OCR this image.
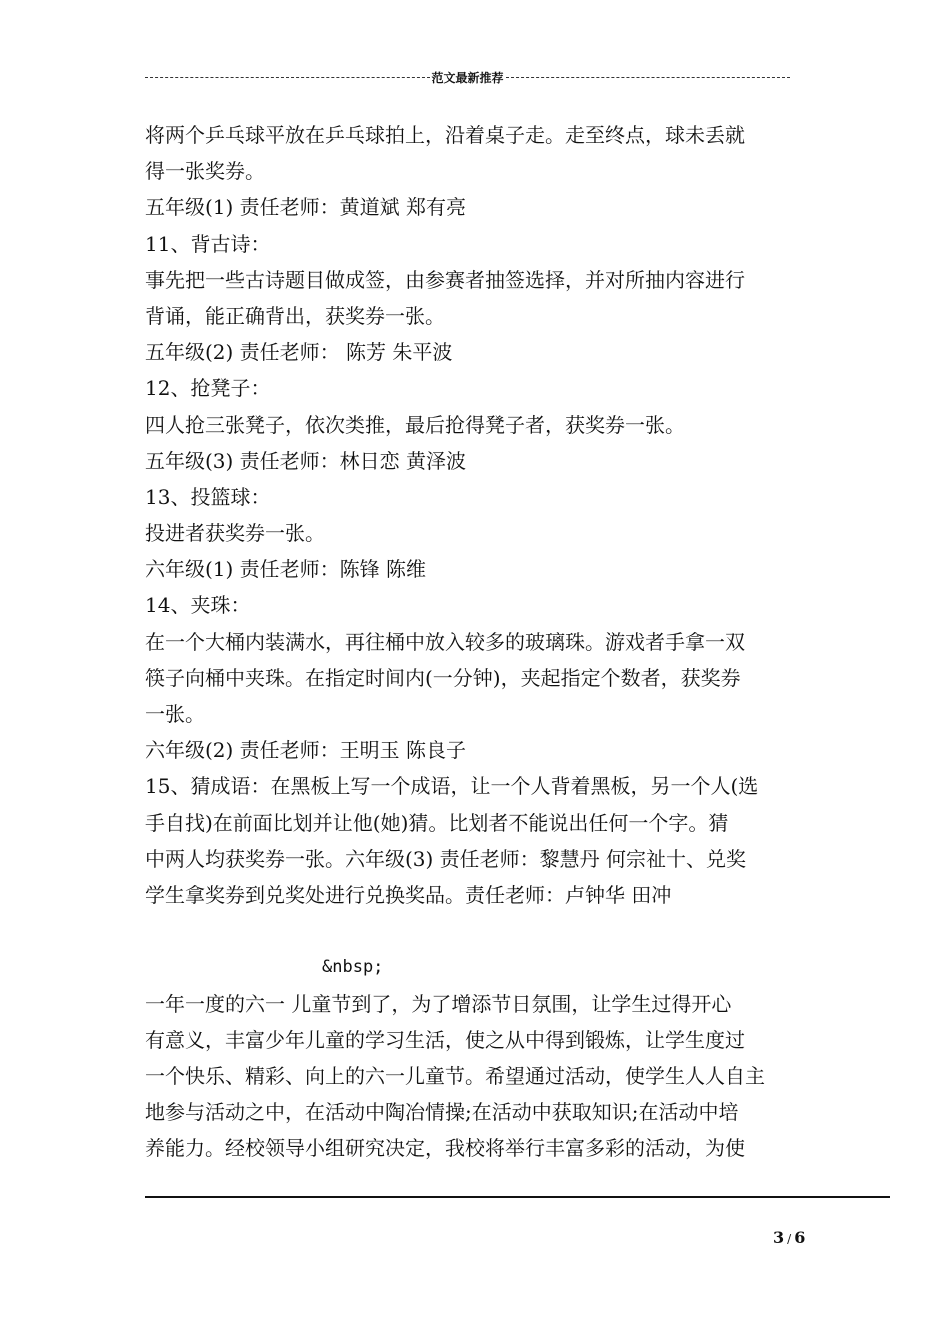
范文最新推荐
将两个乒乓球平放在乒乓球拍上，沿着桌子走。走至终点，球未丢就
得一张奖券。
五年级(1) 责任老师：黄道斌 郑有亮
11、背古诗：
事先把一些古诗题目做成签，由参赛者抽签选择，并对所抽内容进行
背诵，能正确背出，获奖券一张。
五年级(2) 责任老师： 陈芳 朱平波
12、抢凳子：
四人抢三张凳子，依次类推，最后抢得凳子者，获奖券一张。
五年级(3) 责任老师：林日恋 黄泽波
13、投篮球：
投进者获奖券一张。
六年级(1) 责任老师：陈锋 陈维
14、夹珠：
在一个大桶内装满水，再往桶中放入较多的玻璃珠。游戏者手拿一双
筷子向桶中夹珠。在指定时间内(一分钟)，夹起指定个数者，获奖券
一张。
六年级(2) 责任老师：王明玉 陈良子
15、猜成语：在黑板上写一个成语，让一个人背着黑板，另一个人(选
手自找)在前面比划并让他(她)猜。比划者不能说出任何一个字。猜
中两人均获奖券一张。六年级(3) 责任老师：黎慧丹 何宗祉十、兑奖
学生拿奖券到兑奖处进行兑换奖品。责任老师：卢钟华 田冲
&nbsp;
一年一度的六一 儿童节到了，为了增添节日氛围，让学生过得开心
有意义，丰富少年儿童的学习生活，使之从中得到锻炼，让学生度过
一个快乐、精彩、向上的六一儿童节。希望通过活动，使学生人人自主
地参与活动之中，在活动中陶冶情操;在活动中获取知识;在活动中培
养能力。经校领导小组研究决定，我校将举行丰富多彩的活动，为使
3 / 6
